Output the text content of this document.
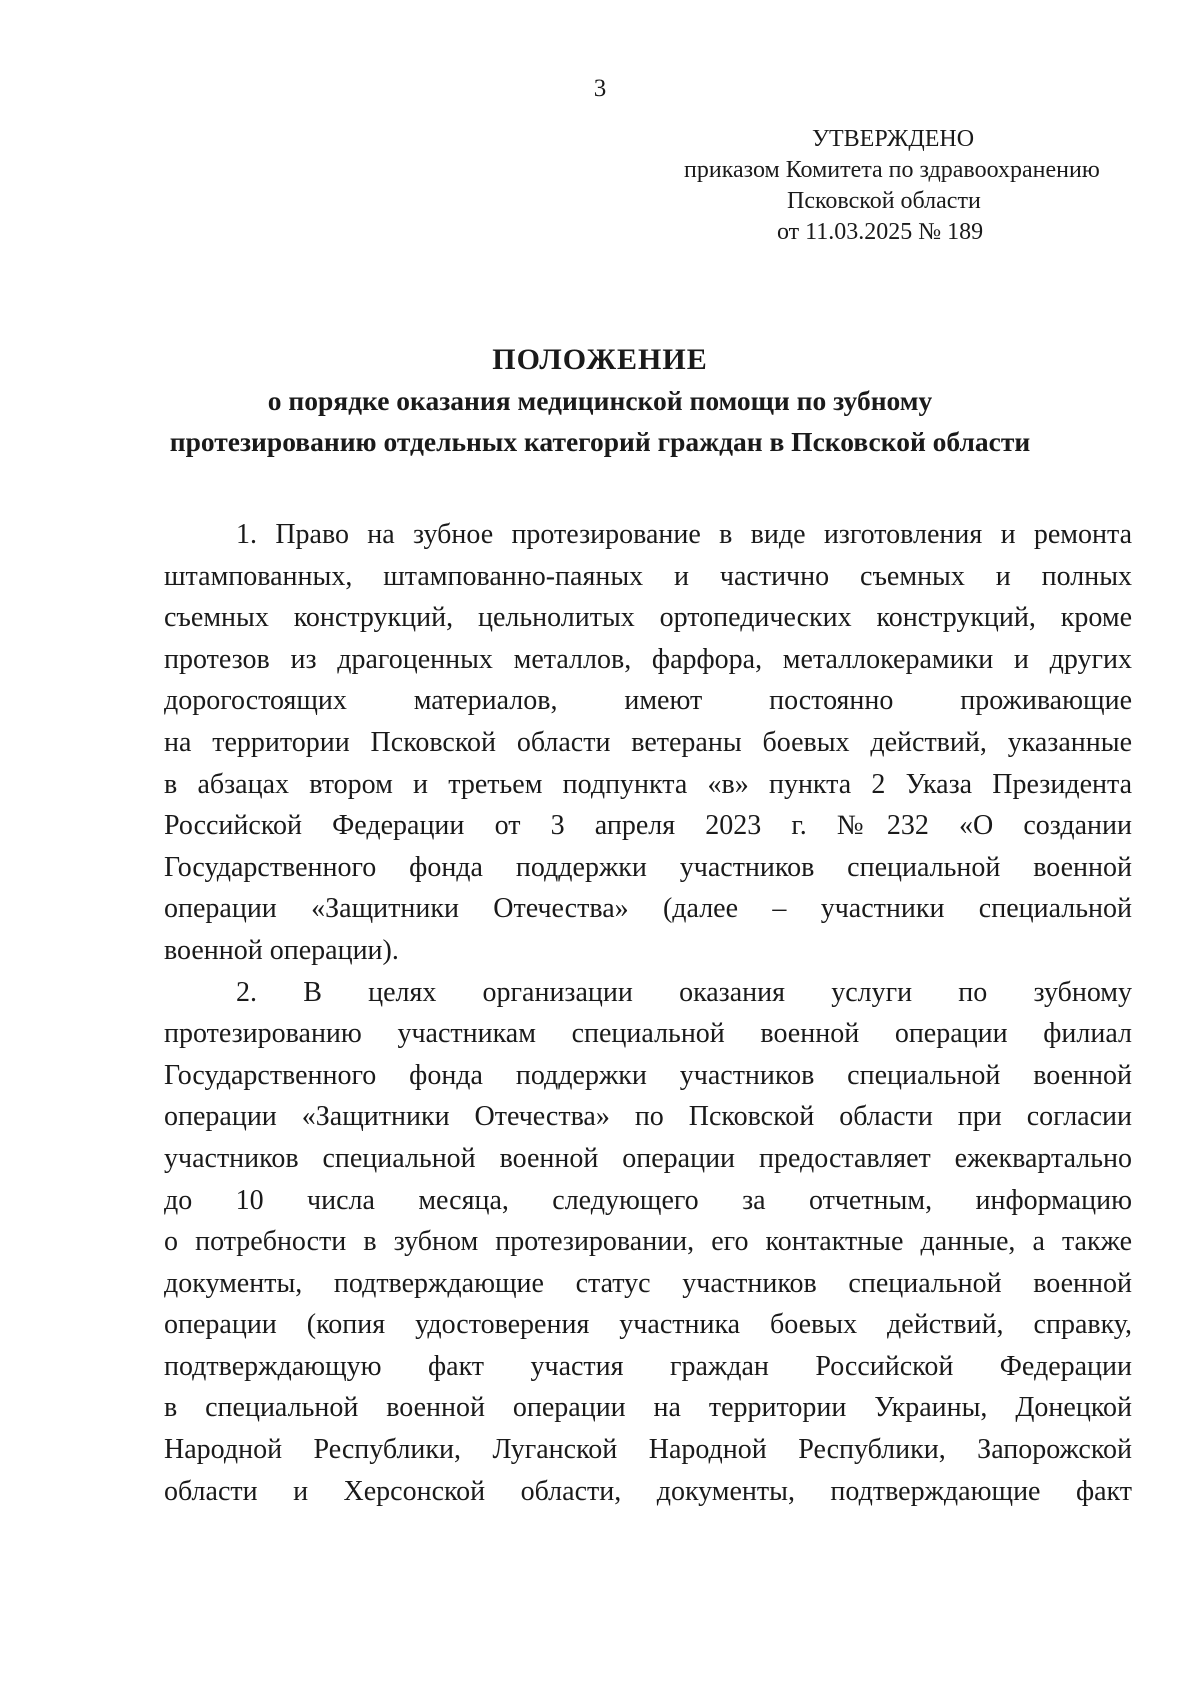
3
УТВЕРЖДЕНО
приказом Комитета по здравоохранению
Псковской области
от 11.03.2025 № 189
ПОЛОЖЕНИЕ
о порядке оказания медицинской помощи по зубному
протезированию отдельных категорий граждан в Псковской области
1. Право на зубное протезирование в виде изготовления и ремонта
штампованных, штампованно-паяных и частично съемных и полных
съемных конструкций, цельнолитых ортопедических конструкций, кроме
протезов из драгоценных металлов, фарфора, металлокерамики и других
дорогостоящих материалов, имеют постоянно проживающие
на территории Псковской области ветераны боевых действий, указанные
в абзацах втором и третьем подпункта «в» пункта 2 Указа Президента
Российской Федерации от 3 апреля 2023 г. №232 «О создании
Государственного фонда поддержки участников специальной военной
операции «Защитники Отечества» (далее – участники специальной
военной операции).
2. В целях организации оказания услуги по зубному
протезированию участникам специальной военной операции филиал
Государственного фонда поддержки участников специальной военной
операции «Защитники Отечества» по Псковской области при согласии
участников специальной военной операции предоставляет ежеквартально
до 10 числа месяца, следующего за отчетным, информацию
о потребности в зубном протезировании, его контактные данные, а также
документы, подтверждающие статус участников специальной военной
операции (копия удостоверения участника боевых действий, справку,
подтверждающую факт участия граждан Российской Федерации
в специальной военной операции на территории Украины, Донецкой
Народной Республики, Луганской Народной Республики, Запорожской
области и Херсонской области, документы, подтверждающие факт
